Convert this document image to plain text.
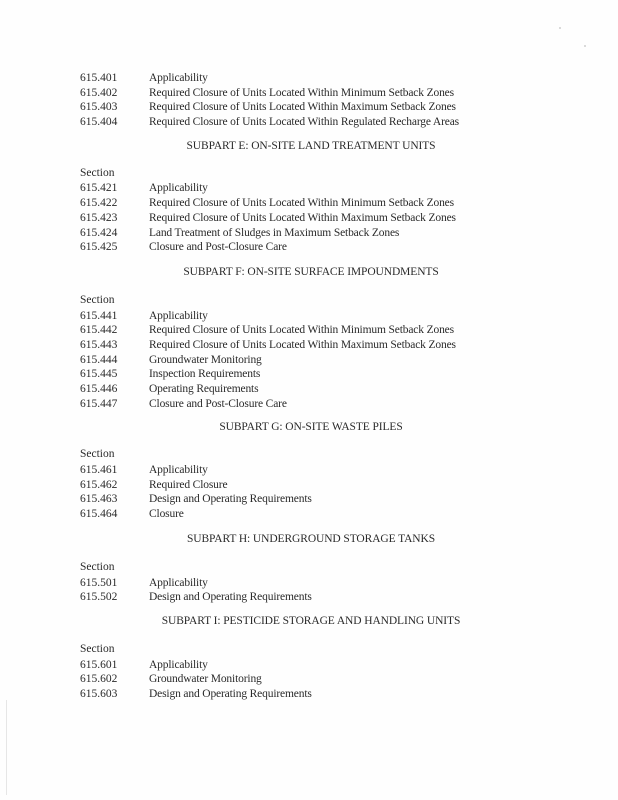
615.401	Applicability
615.402	Required Closure of Units Located Within Minimum Setback Zones
615.403	Required Closure of Units Located Within Maximum Setback Zones
615.404	Required Closure of Units Located Within Regulated Recharge Areas
SUBPART E: ON-SITE LAND TREATMENT UNITS
Section
615.421	Applicability
615.422	Required Closure of Units Located Within Minimum Setback Zones
615.423	Required Closure of Units Located Within Maximum Setback Zones
615.424	Land Treatment of Sludges in Maximum Setback Zones
615.425	Closure and Post-Closure Care
SUBPART F: ON-SITE SURFACE IMPOUNDMENTS
Section
615.441	Applicability
615.442	Required Closure of Units Located Within Minimum Setback Zones
615.443	Required Closure of Units Located Within Maximum Setback Zones
615.444	Groundwater Monitoring
615.445	Inspection Requirements
615.446	Operating Requirements
615.447	Closure and Post-Closure Care
SUBPART G: ON-SITE WASTE PILES
Section
615.461	Applicability
615.462	Required Closure
615.463	Design and Operating Requirements
615.464	Closure
SUBPART H: UNDERGROUND STORAGE TANKS
Section
615.501	Applicability
615.502	Design and Operating Requirements
SUBPART I: PESTICIDE STORAGE AND HANDLING UNITS
Section
615.601	Applicability
615.602	Groundwater Monitoring
615.603	Design and Operating Requirements
